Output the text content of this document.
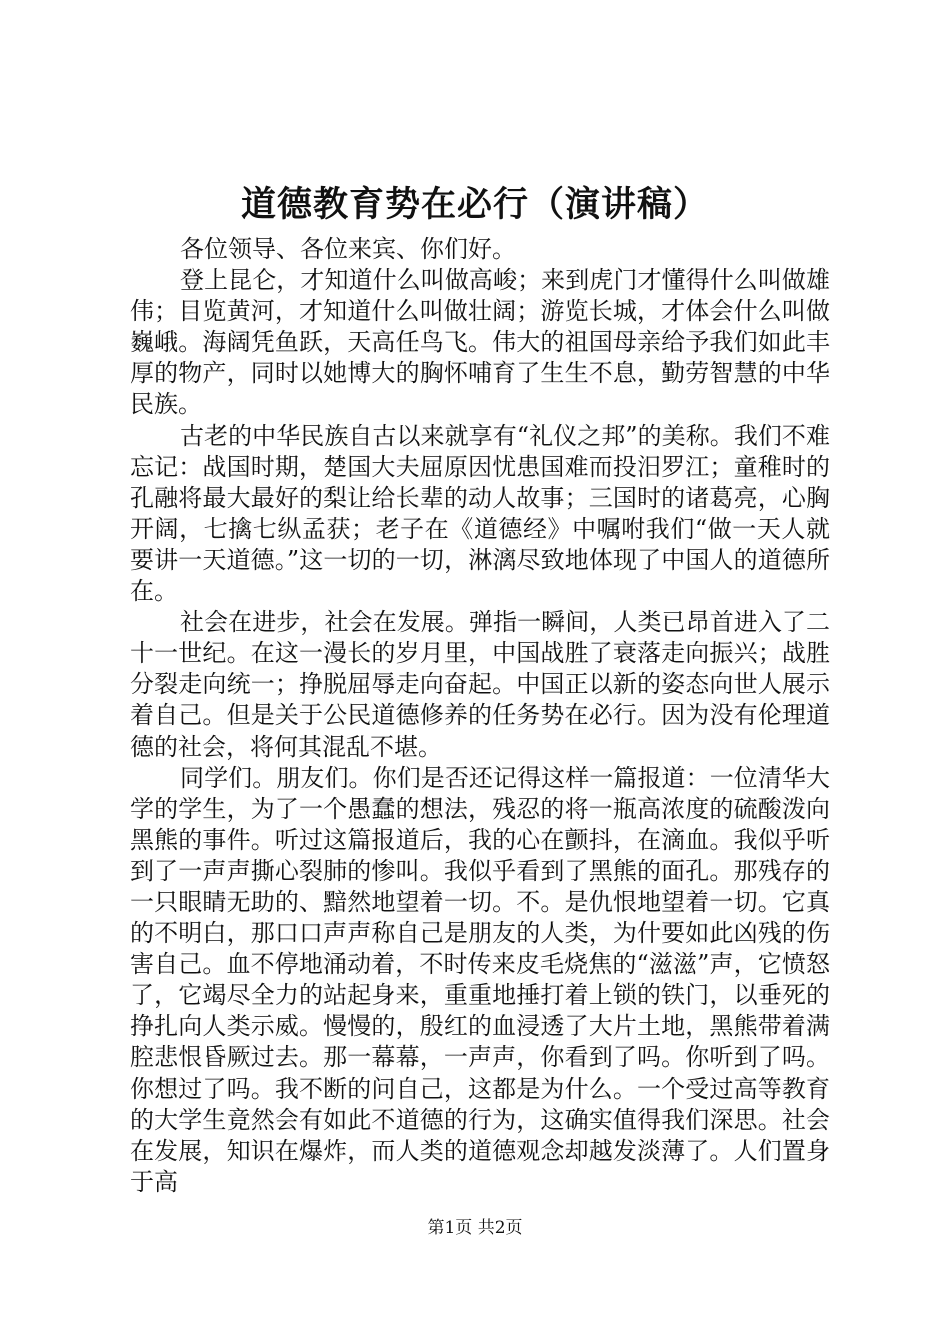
道德教育势在必行（演讲稿）

各位领导、各位来宾、你们好。

登上昆仑，才知道什么叫做高峻；来到虎门才懂得什么叫做雄伟；目览黄河，才知道什么叫做壮阔；游览长城，才体会什么叫做巍峨。海阔凭鱼跃，天高任鸟飞。伟大的祖国母亲给予我们如此丰厚的物产，同时以她博大的胸怀哺育了生生不息，勤劳智慧的中华民族。

古老的中华民族自古以来就享有“礼仪之邦”的美称。我们不难忘记：战国时期，楚国大夫屈原因忧患国难而投汨罗江；童稚时的孔融将最大最好的梨让给长辈的动人故事；三国时的诸葛亮，心胸开阔，七擒七纵孟获；老子在《道德经》中嘱咐我们“做一天人就要讲一天道德。”这一切的一切，淋漓尽致地体现了中国人的道德所在。

社会在进步，社会在发展。弹指一瞬间，人类已昂首进入了二十一世纪。在这一漫长的岁月里，中国战胜了衰落走向振兴；战胜分裂走向统一；挣脱屈辱走向奋起。中国正以新的姿态向世人展示着自己。但是关于公民道德修养的任务势在必行。因为没有伦理道德的社会，将何其混乱不堪。

同学们。朋友们。你们是否还记得这样一篇报道：一位清华大学的学生，为了一个愚蠢的想法，残忍的将一瓶高浓度的硫酸泼向黑熊的事件。听过这篇报道后，我的心在颤抖，在滴血。我似乎听到了一声声撕心裂肺的惨叫。我似乎看到了黑熊的面孔。那残存的一只眼睛无助的、黯然地望着一切。不。是仇恨地望着一切。它真的不明白，那口口声声称自己是朋友的人类，为什要如此凶残的伤害自己。血不停地涌动着，不时传来皮毛烧焦的“滋滋”声，它愤怒了，它竭尽全力的站起身来，重重地捶打着上锁的铁门，以垂死的挣扎向人类示威。慢慢的，殷红的血浸透了大片土地，黑熊带着满腔悲恨昏厥过去。那一幕幕，一声声，你看到了吗。你听到了吗。你想过了吗。我不断的问自己，这都是为什么。一个受过高等教育的大学生竟然会有如此不道德的行为，这确实值得我们深思。社会在发展，知识在爆炸，而人类的道德观念却越发淡薄了。人们置身于高

第1页 共2页
